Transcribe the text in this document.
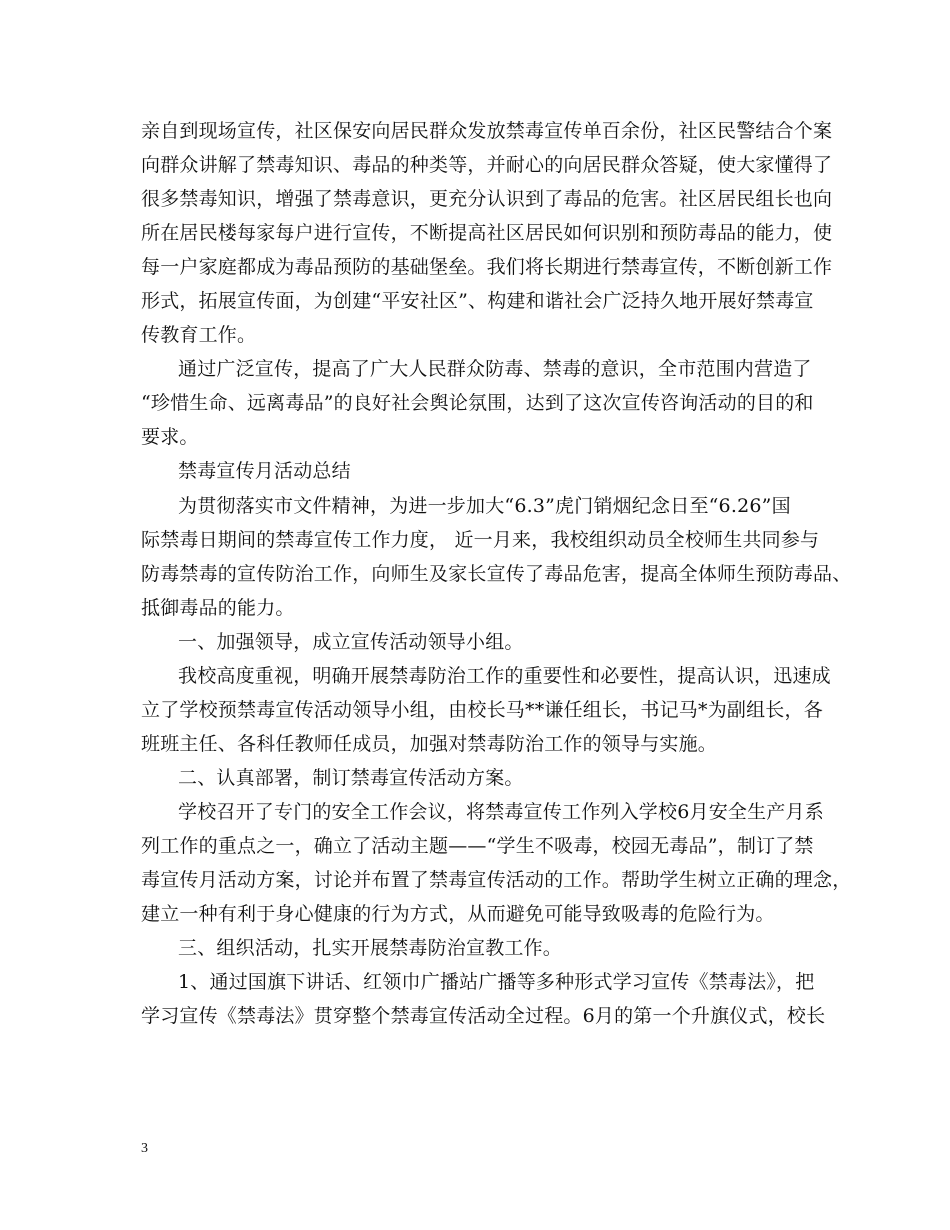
亲自到现场宣传，社区保安向居民群众发放禁毒宣传单百余份，社区民警结合个案
向群众讲解了禁毒知识、毒品的种类等，并耐心的向居民群众答疑，使大家懂得了
很多禁毒知识，增强了禁毒意识，更充分认识到了毒品的危害。社区居民组长也向
所在居民楼每家每户进行宣传，不断提高社区居民如何识别和预防毒品的能力，使
每一户家庭都成为毒品预防的基础堡垒。我们将长期进行禁毒宣传，不断创新工作
形式，拓展宣传面，为创建“平安社区”、构建和谐社会广泛持久地开展好禁毒宣
传教育工作。
通过广泛宣传，提高了广大人民群众防毒、禁毒的意识，全市范围内营造了
“珍惜生命、远离毒品”的良好社会舆论氛围，达到了这次宣传咨询活动的目的和
要求。
禁毒宣传月活动总结
为贯彻落实市文件精神，为进一步加大“6.3”虎门销烟纪念日至“6.26”国
际禁毒日期间的禁毒宣传工作力度， 近一月来，我校组织动员全校师生共同参与
防毒禁毒的宣传防治工作，向师生及家长宣传了毒品危害，提高全体师生预防毒品、
抵御毒品的能力。
一、加强领导，成立宣传活动领导小组。
我校高度重视，明确开展禁毒防治工作的重要性和必要性，提高认识，迅速成
立了学校预禁毒宣传活动领导小组，由校长马**谦任组长，书记马*为副组长，各
班班主任、各科任教师任成员，加强对禁毒防治工作的领导与实施。
二、认真部署，制订禁毒宣传活动方案。
学校召开了专门的安全工作会议，将禁毒宣传工作列入学校6月安全生产月系
列工作的重点之一，确立了活动主题——“学生不吸毒，校园无毒品”，制订了禁
毒宣传月活动方案，讨论并布置了禁毒宣传活动的工作。帮助学生树立正确的理念，
建立一种有利于身心健康的行为方式，从而避免可能导致吸毒的危险行为。
三、组织活动，扎实开展禁毒防治宣教工作。
1、通过国旗下讲话、红领巾广播站广播等多种形式学习宣传《禁毒法》，把
学习宣传《禁毒法》贯穿整个禁毒宣传活动全过程。6月的第一个升旗仪式，校长
3
